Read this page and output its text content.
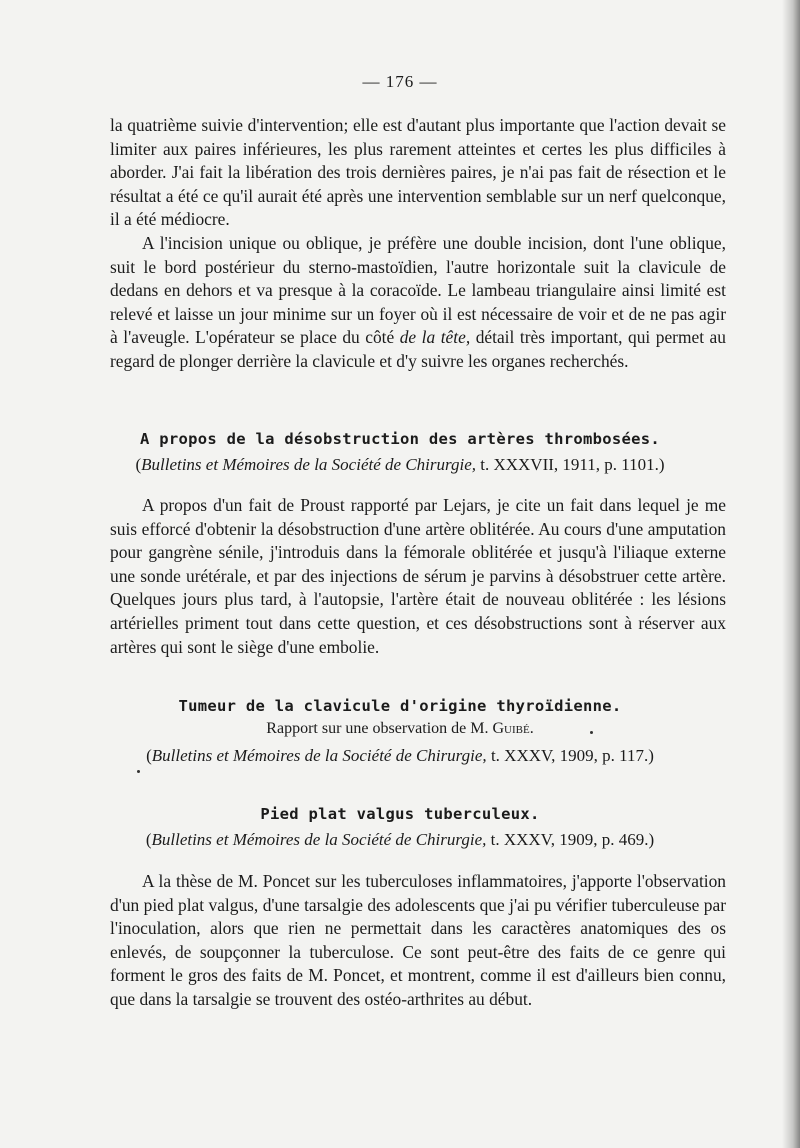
— 176 —

la quatrième suivie d'intervention; elle est d'autant plus importante que l'action devait se limiter aux paires inférieures, les plus rarement atteintes et certes les plus difficiles à aborder. J'ai fait la libération des trois dernières paires, je n'ai pas fait de résection et le résultat a été ce qu'il aurait été après une intervention semblable sur un nerf quelconque, il a été médiocre.

A l'incision unique ou oblique, je préfère une double incision, dont l'une oblique, suit le bord postérieur du sterno-mastoïdien, l'autre horizontale suit la clavicule de dedans en dehors et va presque à la coracoïde. Le lambeau triangulaire ainsi limité est relevé et laisse un jour minime sur un foyer où il est nécessaire de voir et de ne pas agir à l'aveugle. L'opérateur se place du côté de la tête, détail très important, qui permet au regard de plonger derrière la clavicule et d'y suivre les organes recherchés.

A propos de la désobstruction des artères thrombosées.
(Bulletins et Mémoires de la Société de Chirurgie, t. XXXVII, 1911, p. 1101.)

A propos d'un fait de Proust rapporté par Lejars, je cite un fait dans lequel je me suis efforcé d'obtenir la désobstruction d'une artère oblitérée. Au cours d'une amputation pour gangrène sénile, j'introduis dans la fémorale oblitérée et jusqu'à l'iliaque externe une sonde urétérale, et par des injections de sérum je parvins à désobstruer cette artère. Quelques jours plus tard, à l'autopsie, l'artère était de nouveau oblitérée : les lésions artérielles priment tout dans cette question, et ces désobstructions sont à réserver aux artères qui sont le siège d'une embolie.

Tumeur de la clavicule d'origine thyroïdienne.
Rapport sur une observation de M. Guibé.
(Bulletins et Mémoires de la Société de Chirurgie, t. XXXV, 1909, p. 117.)
Pied plat valgus tuberculeux.
(Bulletins et Mémoires de la Société de Chirurgie, t. XXXV, 1909, p. 469.)

A la thèse de M. Poncet sur les tuberculoses inflammatoires, j'apporte l'observation d'un pied plat valgus, d'une tarsalgie des adolescents que j'ai pu vérifier tuberculeuse par l'inoculation, alors que rien ne permettait dans les caractères anatomiques des os enlevés, de soupçonner la tuberculose. Ce sont peut-être des faits de ce genre qui forment le gros des faits de M. Poncet, et montrent, comme il est d'ailleurs bien connu, que dans la tarsalgie se trouvent des ostéo-arthrites au début.
